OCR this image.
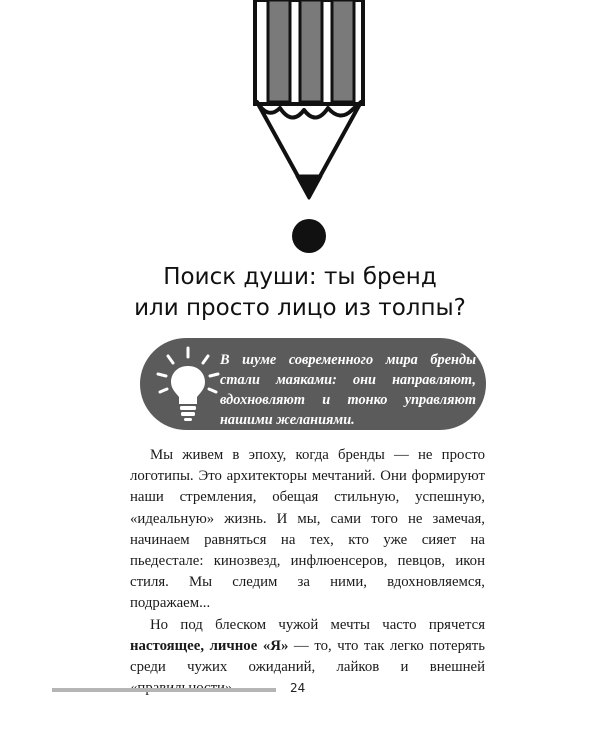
Поиск души: ты бренд
или просто лицо из толпы?
В шуме современного мира бренды стали маяками: они направляют, вдохновляют и тонко управляют нашими желаниями.

Мы живем в эпоху, когда бренды — не просто логотипы. Это архитекторы мечтаний. Они формируют наши стремления, обещая стильную, успешную, «идеальную» жизнь. И мы, сами того не замечая, начинаем равняться на тех, кто уже сияет на пьедестале: кинозвезд, инфлюенсеров, певцов, икон стиля. Мы следим за ними, вдохновляемся, подражаем...

Но под блеском чужой мечты часто прячется настоящее, личное «Я» — то, что так легко потерять среди чужих ожиданий, лайков и внешней

24
